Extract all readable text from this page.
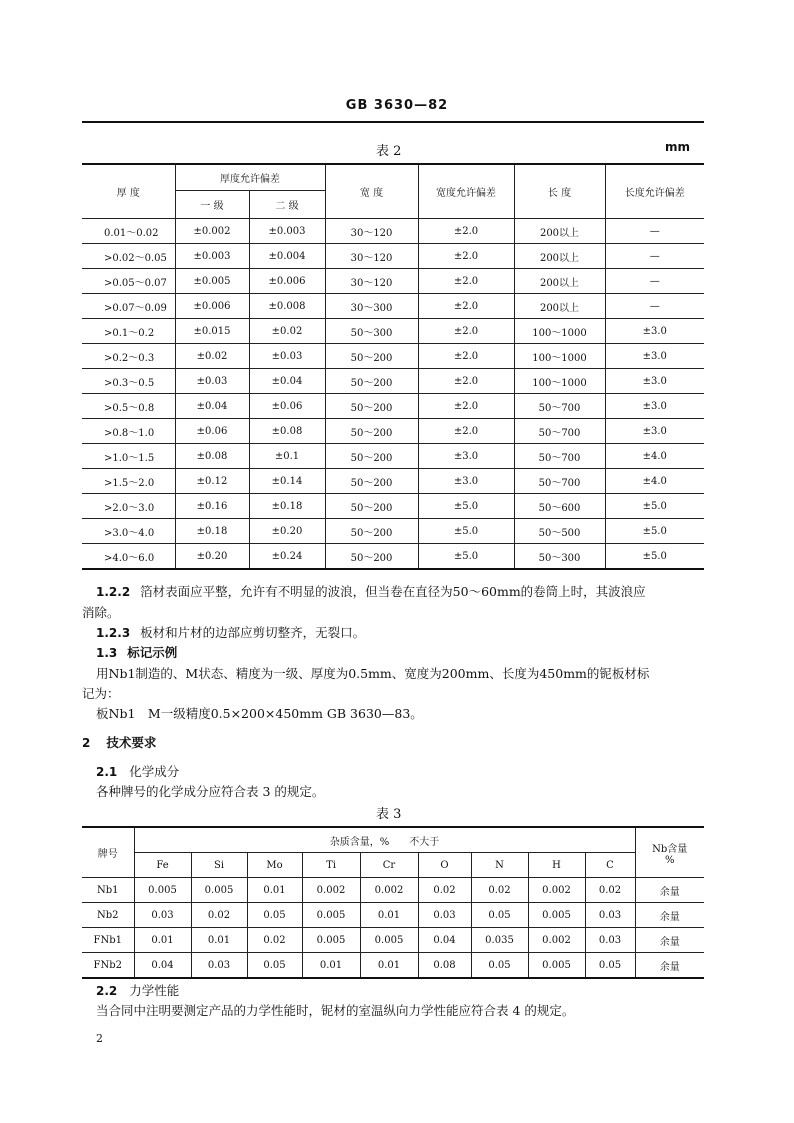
GB 3630—82
表 2	mm
厚 度	厚度允许偏差		宽 度	宽度允许偏差	长 度	长度允许偏差
	一 级	二 级				
0.01～0.02	±0.002	±0.003	30～120	±2.0	200以上	—
>0.02～0.05	±0.003	±0.004	30～120	±2.0	200以上	—
>0.05～0.07	±0.005	±0.006	30～120	±2.0	200以上	—
>0.07～0.09	±0.006	±0.008	30～300	±2.0	200以上	—
>0.1～0.2	±0.015	±0.02	50～300	±2.0	100～1000	±3.0
>0.2～0.3	±0.02	±0.03	50～200	±2.0	100～1000	±3.0
>0.3～0.5	±0.03	±0.04	50～200	±2.0	100～1000	±3.0
>0.5～0.8	±0.04	±0.06	50～200	±2.0	50～700	±3.0
>0.8～1.0	±0.06	±0.08	50～200	±2.0	50～700	±3.0
>1.0～1.5	±0.08	±0.1	50～200	±3.0	50～700	±4.0
>1.5～2.0	±0.12	±0.14	50～200	±3.0	50～700	±4.0
>2.0～3.0	±0.16	±0.18	50～200	±5.0	50～600	±5.0
>3.0～4.0	±0.18	±0.20	50～200	±5.0	50～500	±5.0
>4.0～6.0	±0.20	±0.24	50～200	±5.0	50～300	±5.0
1.2.2 箔材表面应平整，允许有不明显的波浪，但当卷在直径为50～60mm的卷筒上时，其波浪应
消除。
1.2.3 板材和片材的边部应剪切整齐，无裂口。
1.3 标记示例
用Nb1制造的、M状态、精度为一级、厚度为0.5mm、宽度为200mm、长度为450mm的铌板材标
记为：
板Nb1　M一级精度0.5×200×450mm GB 3630—83。
2 技术要求
2.1 化学成分
各种牌号的化学成分应符合表 3 的规定。
表 3
牌号	杂质含量，%　　不大于									Nb含量
%

	Fe	Si	Mo	Ti	Cr	O	N	H	C	
Nb1	0.005	0.005	0.01	0.002	0.002	0.02	0.02	0.002	0.02	余量
Nb2	0.03	0.02	0.05	0.005	0.01	0.03	0.05	0.005	0.03	余量
FNb1	0.01	0.01	0.02	0.005	0.005	0.04	0.035	0.002	0.03	余量
FNb2	0.04	0.03	0.05	0.01	0.01	0.08	0.05	0.005	0.05	余量
2.2 力学性能
当合同中注明要测定产品的力学性能时，铌材的室温纵向力学性能应符合表 4 的规定。
2
